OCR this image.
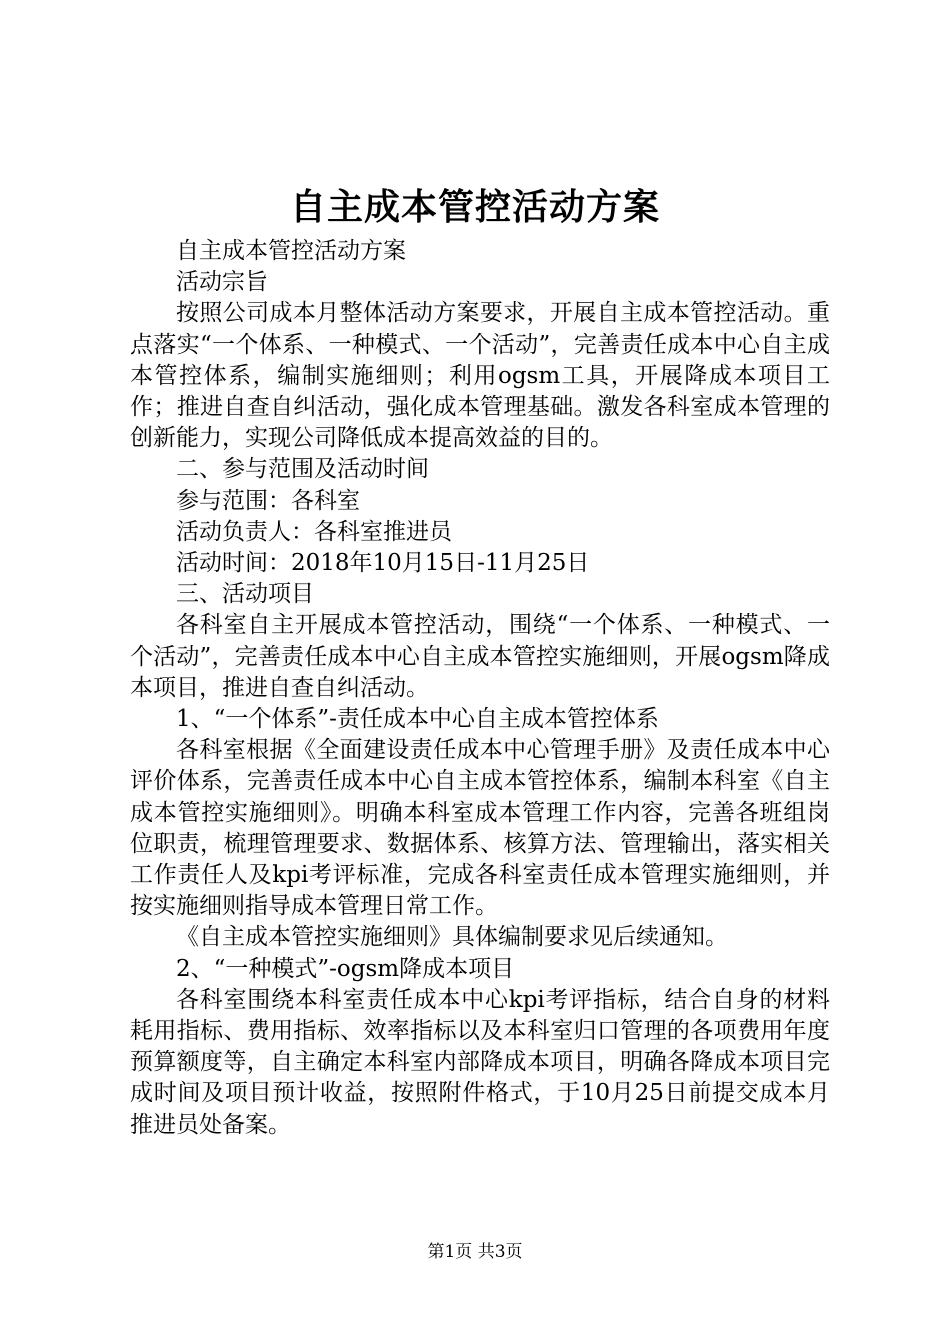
自主成本管控活动方案

自主成本管控活动方案

活动宗旨

按照公司成本月整体活动方案要求，开展自主成本管控活动。重点落实“一个体系、一种模式、一个活动”，完善责任成本中心自主成本管控体系，编制实施细则；利用ogsm工具，开展降成本项目工作；推进自查自纠活动，强化成本管理基础。激发各科室成本管理的创新能力，实现公司降低成本提高效益的目的。

二、参与范围及活动时间

参与范围：各科室

活动负责人：各科室推进员

活动时间：2018年10月15日-11月25日

三、活动项目

各科室自主开展成本管控活动，围绕“一个体系、一种模式、一个活动”，完善责任成本中心自主成本管控实施细则，开展ogsm降成本项目，推进自查自纠活动。

1、“一个体系”-责任成本中心自主成本管控体系

各科室根据《全面建设责任成本中心管理手册》及责任成本中心评价体系，完善责任成本中心自主成本管控体系，编制本科室《自主成本管控实施细则》。明确本科室成本管理工作内容，完善各班组岗位职责，梳理管理要求、数据体系、核算方法、管理输出，落实相关工作责任人及kpi考评标准，完成各科室责任成本管理实施细则，并按实施细则指导成本管理日常工作。

《自主成本管控实施细则》具体编制要求见后续通知。

2、“一种模式”-ogsm降成本项目

各科室围绕本科室责任成本中心kpi考评指标，结合自身的材料耗用指标、费用指标、效率指标以及本科室归口管理的各项费用年度预算额度等，自主确定本科室内部降成本项目，明确各降成本项目完成时间及项目预计收益，按照附件格式，于10月25日前提交成本月推进员处备案。

第1页 共3页
